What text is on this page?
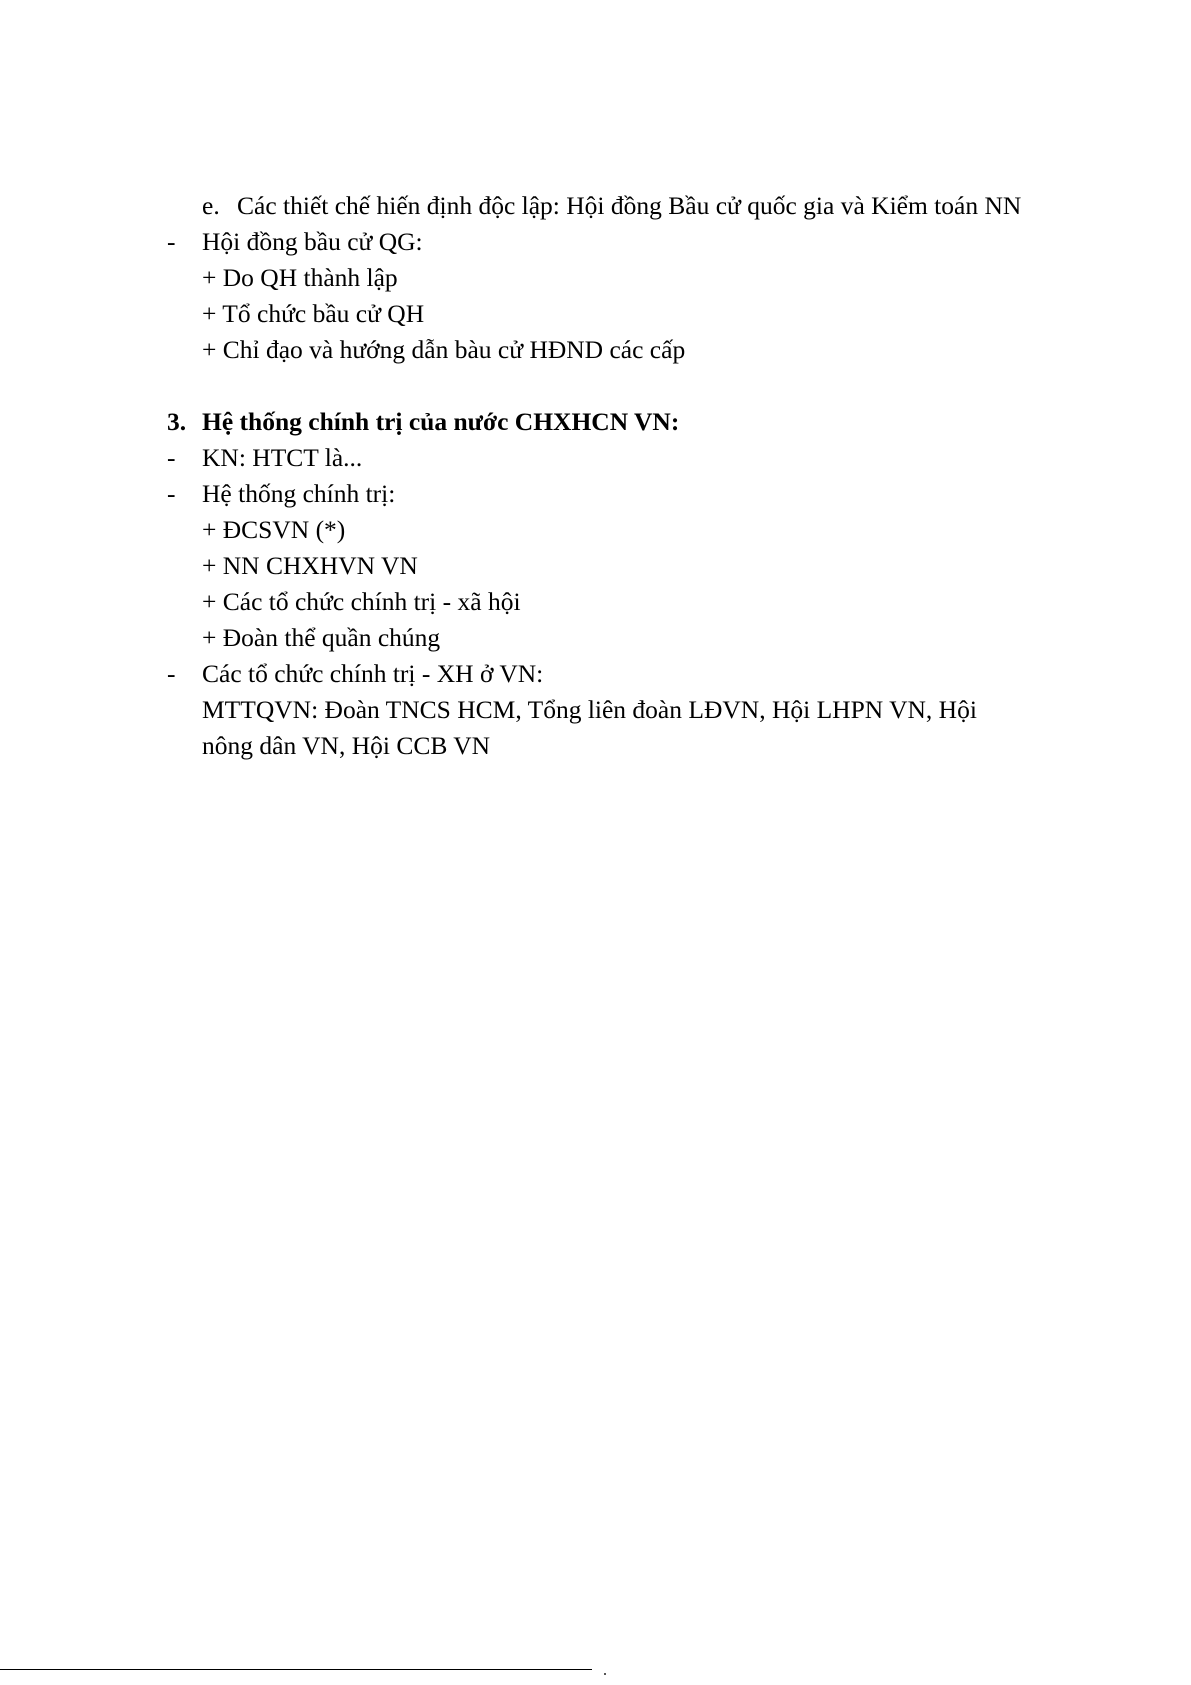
e. Các thiết chế hiến định độc lập: Hội đồng Bầu cử quốc gia và Kiểm toán NN
- Hội đồng bầu cử QG:
+ Do QH thành lập
+ Tổ chức bầu cử QH
+ Chỉ đạo và hướng dẫn bàu cử HĐND các cấp
3. Hệ thống chính trị của nước CHXHCN VN:
- KN: HTCT là...
- Hệ thống chính trị:
+ ĐCSVN (*)
+ NN CHXHVN VN
+ Các tổ chức chính trị - xã hội
+ Đoàn thể quần chúng
- Các tổ chức chính trị - XH ở VN:
MTTQVN: Đoàn TNCS HCM, Tổng liên đoàn LĐVN, Hội LHPN VN, Hội
nông dân VN, Hội CCB VN
